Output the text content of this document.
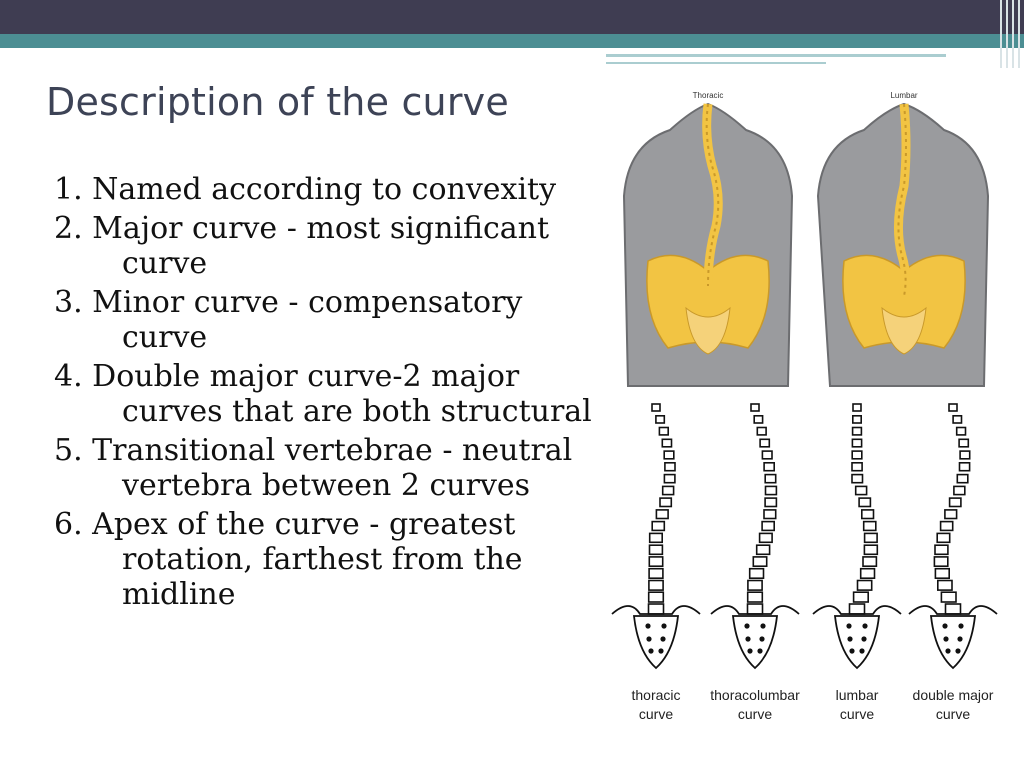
Description of the curve
1. Named according to convexity
2. Major curve - most significant curve
3. Minor curve - compensatory curve
4. Double major curve-2 major curves that are both structural
5. Transitional vertebrae - neutral vertebra between 2 curves
6. Apex of the curve - greatest rotation, farthest from the midline
Thoracic	Lumbar
thoracic
curve
thoracolumbar
curve
lumbar
curve
double major
curve
